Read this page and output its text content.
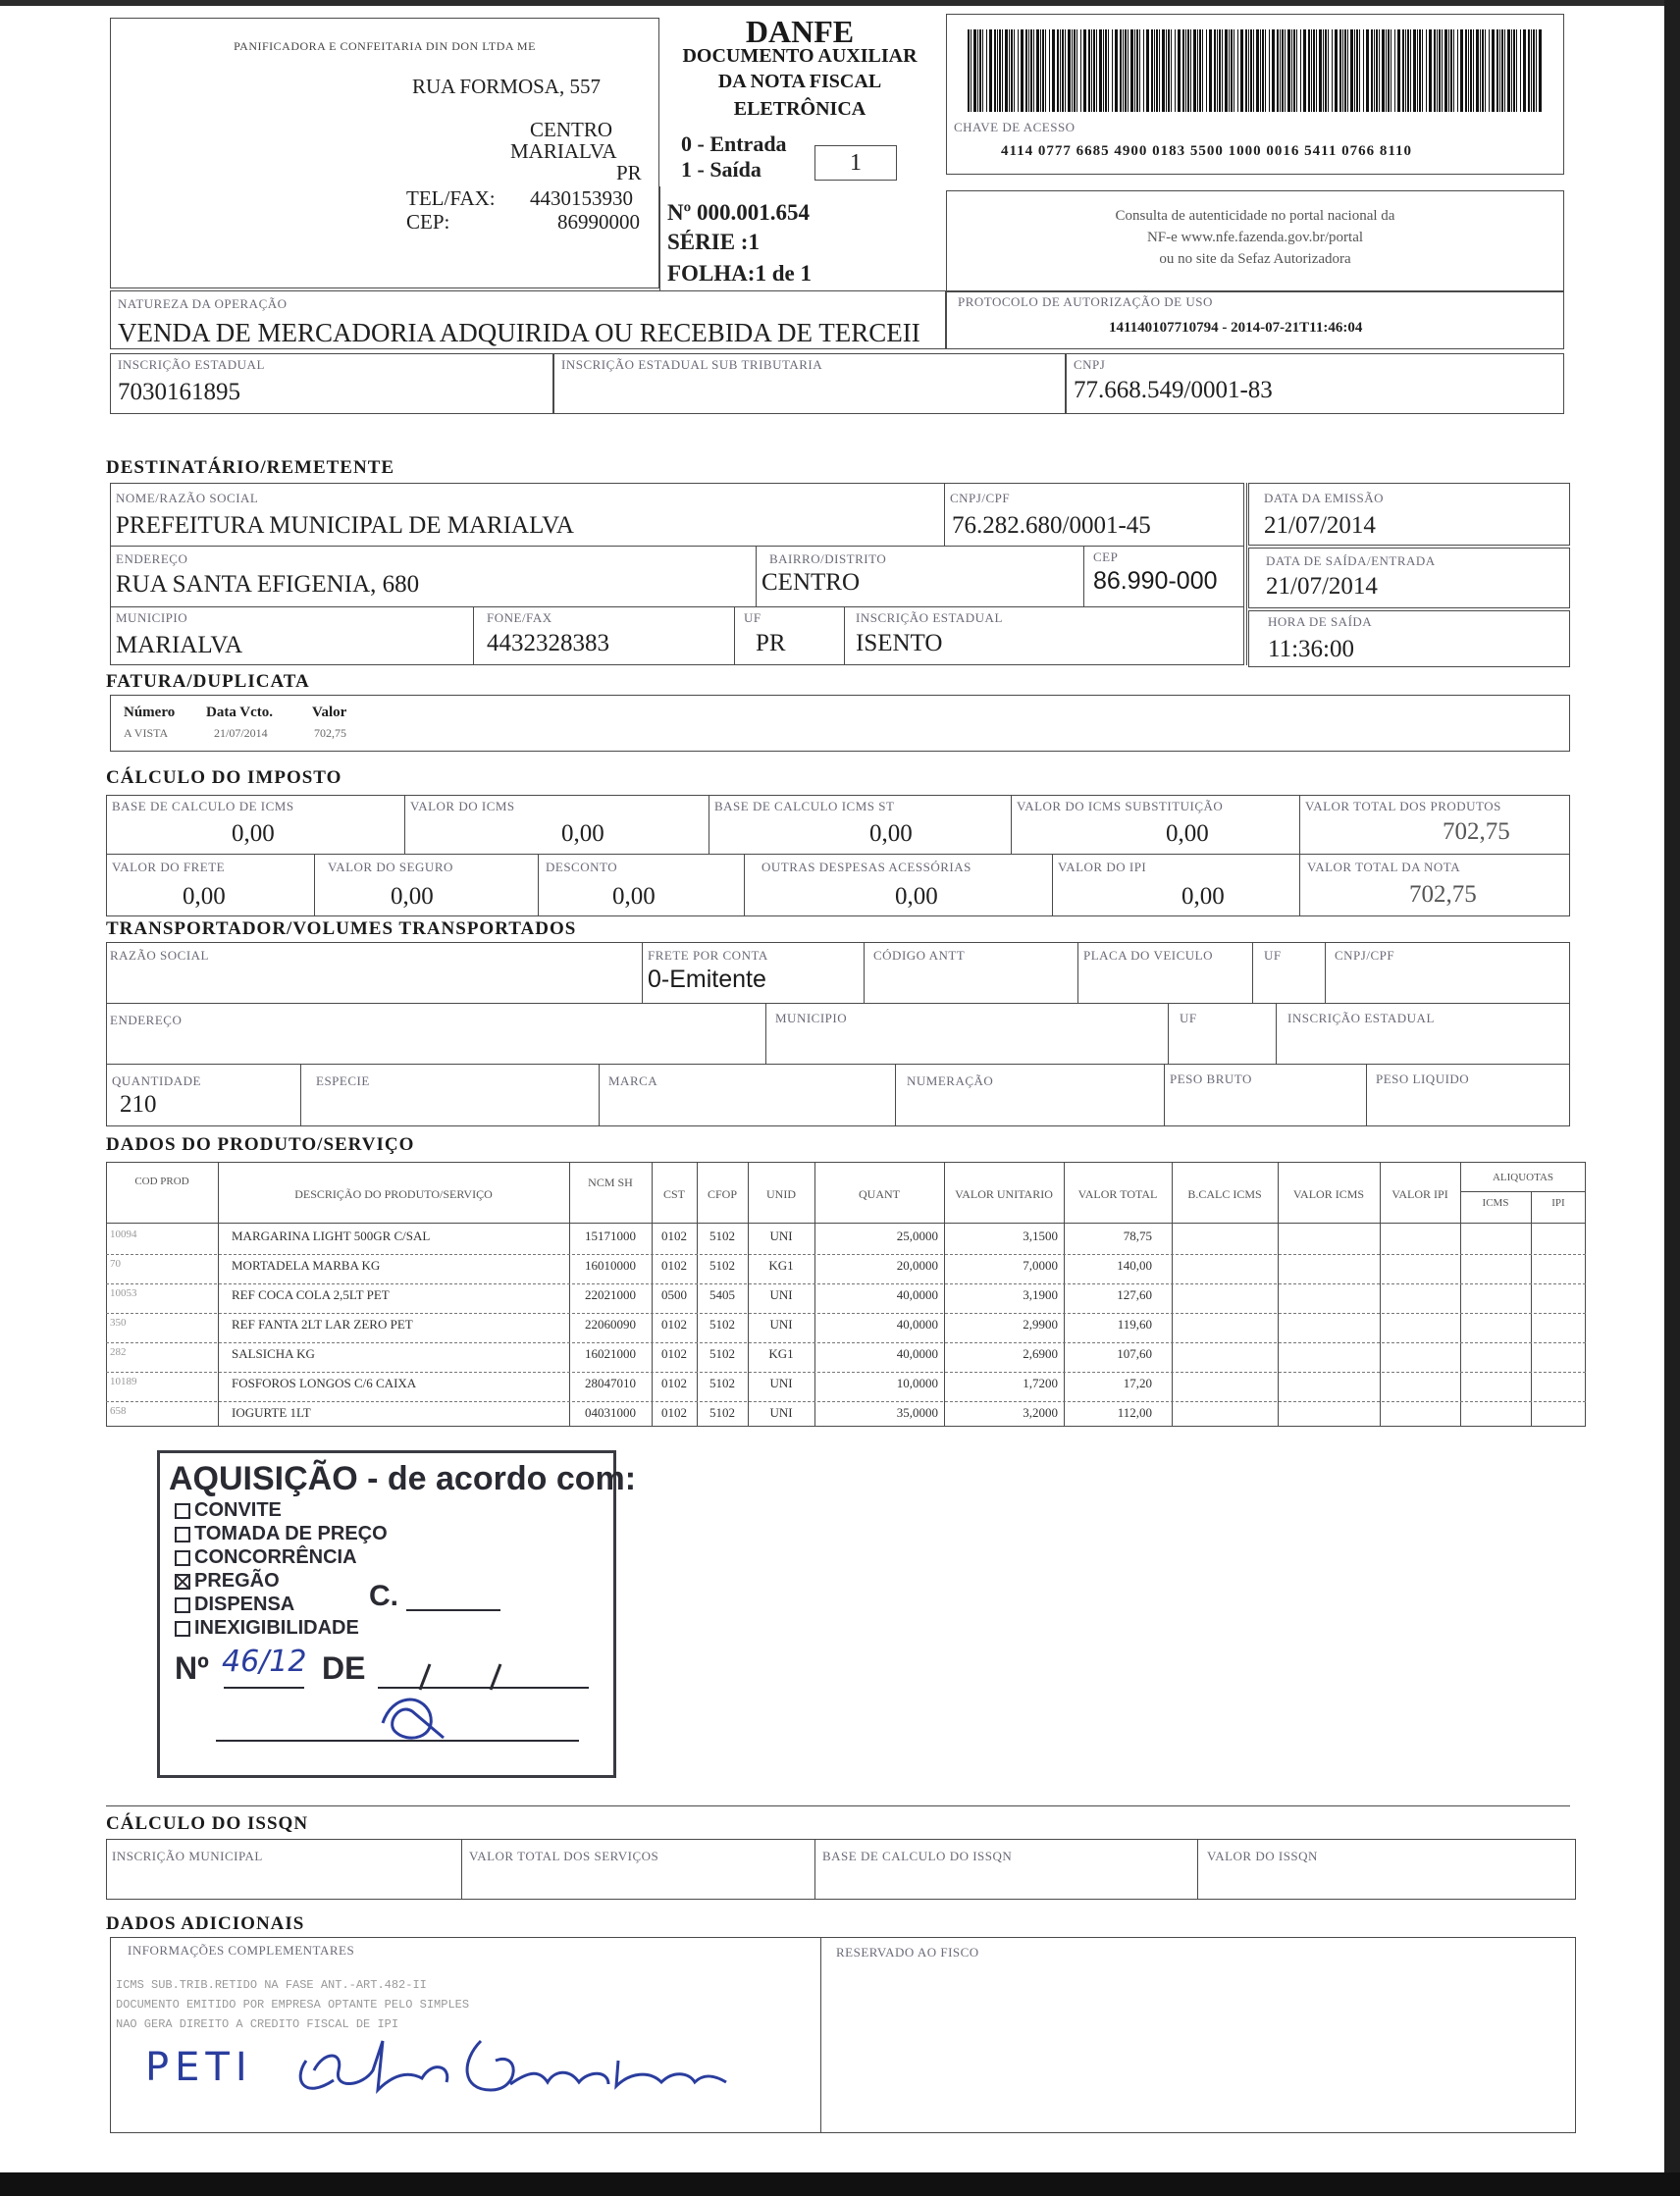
PANIFICADORA E CONFEITARIA DIN DON LTDA ME
RUA FORMOSA, 557
CENTRO
MARIALVA
PR
TEL/FAX: 4430153930
CEP:	86990000
DANFE
DOCUMENTO AUXILIAR
DA NOTA FISCAL
ELETRÔNICA
0 - Entrada
1 - Saída	1
Nº 000.001.654
SÉRIE :1
FOLHA:1 de 1
CHAVE DE ACESSO
4114 0777 6685 4900 0183 5500 1000 0016 5411 0766 8110
Consulta de autenticidade no portal nacional da
NF-e www.nfe.fazenda.gov.br/portal
ou no site da Sefaz Autorizadora
NATUREZA DA OPERAÇÃO
VENDA DE MERCADORIA ADQUIRIDA OU RECEBIDA DE TERCEII
PROTOCOLO DE AUTORIZAÇÃO DE USO
141140107710794 - 2014-07-21T11:46:04
INSCRIÇÃO ESTADUAL
7030161895
INSCRIÇÃO ESTADUAL SUB TRIBUTARIA	CNPJ
77.668.549/0001-83
DESTINATÁRIO/REMETENTE
NOME/RAZÃO SOCIAL
PREFEITURA MUNICIPAL DE MARIALVA
CNPJ/CPF
76.282.680/0001-45
DATA DA EMISSÃO
21/07/2014
ENDEREÇO
RUA SANTA EFIGENIA, 680
BAIRRO/DISTRITO
CENTRO
CEP
86.990-000
DATA DE SAÍDA/ENTRADA
21/07/2014
MUNICIPIO
MARIALVA
FONE/FAX
4432328383
UF
PR
INSCRIÇÃO ESTADUAL
ISENTO
HORA DE SAÍDA
11:36:00
FATURA/DUPLICATA
Número Data Vcto.	Valor
A VISTA	21/07/2014	702,75
CÁLCULO DO IMPOSTO
BASE DE CALCULO DE ICMS
0,00
VALOR DO ICMS
0,00
BASE DE CALCULO ICMS ST
0,00
VALOR DO ICMS SUBSTITUIÇÃO
0,00
VALOR TOTAL DOS PRODUTOS
702,75
VALOR DO FRETE
0,00
VALOR DO SEGURO
0,00
DESCONTO
0,00
OUTRAS DESPESAS ACESSÓRIAS
0,00
VALOR DO IPI
0,00
VALOR TOTAL DA NOTA
702,75
TRANSPORTADOR/VOLUMES TRANSPORTADOS
RAZÃO SOCIAL	FRETE POR CONTA
0-Emitente
CÓDIGO ANTT	PLACA DO VEICULO	UF	CNPJ/CPF
ENDEREÇO	MUNICIPIO	UF	INSCRIÇÃO ESTADUAL
QUANTIDADE
210
ESPECIE	MARCA	NUMERAÇÃO	PESO BRUTO	PESO LIQUIDO
DADOS DO PRODUTO/SERVIÇO
COD PROD
DESCRIÇÃO DO PRODUTO/SERVIÇO
NCM SH
CST	CFOP	UNID	QUANT	VALOR UNITARIO	VALOR TOTAL	B.CALC ICMS	VALOR ICMS	VALOR IPI
ALIQUOTAS
ICMS	IPI
10094	MARGARINA LIGHT 500GR C/SAL	15171000	0102	5102	UNI	25,0000	3,1500	78,75
70	MORTADELA MARBA KG	16010000	0102	5102	KG1	20,0000	7,0000	140,00
10053	REF COCA COLA 2,5LT PET	22021000	0500	5405	UNI	40,0000	3,1900	127,60
350	REF FANTA 2LT LAR ZERO PET	22060090	0102	5102	UNI	40,0000	2,9900	119,60
282	SALSICHA KG	16021000	0102	5102	KG1	40,0000	2,6900	107,60
10189	FOSFOROS LONGOS C/6 CAIXA	28047010	0102	5102	UNI	10,0000	1,7200	17,20
658	IOGURTE 1LT	04031000	0102	5102	UNI	35,0000	3,2000	112,00
AQUISIÇÃO - de acordo com:
CONVITE
TOMADA DE PREÇO
CONCORRÊNCIA
PREGÃO
DISPENSA
INEXIGIBILIDADE
C.
Nº 46/12 DE
CÁLCULO DO ISSQN
INSCRIÇÃO MUNICIPAL	VALOR TOTAL DOS SERVIÇOS	BASE DE CALCULO DO ISSQN	VALOR DO ISSQN
DADOS ADICIONAIS
INFORMAÇÕES COMPLEMENTARES
ICMS SUB.TRIB.RETIDO NA FASE ANT.-ART.482-II
DOCUMENTO EMITIDO POR EMPRESA OPTANTE PELO SIMPLES
NAO GERA DIREITO A CREDITO FISCAL DE IPI
RESERVADO AO FISCO
PETI
